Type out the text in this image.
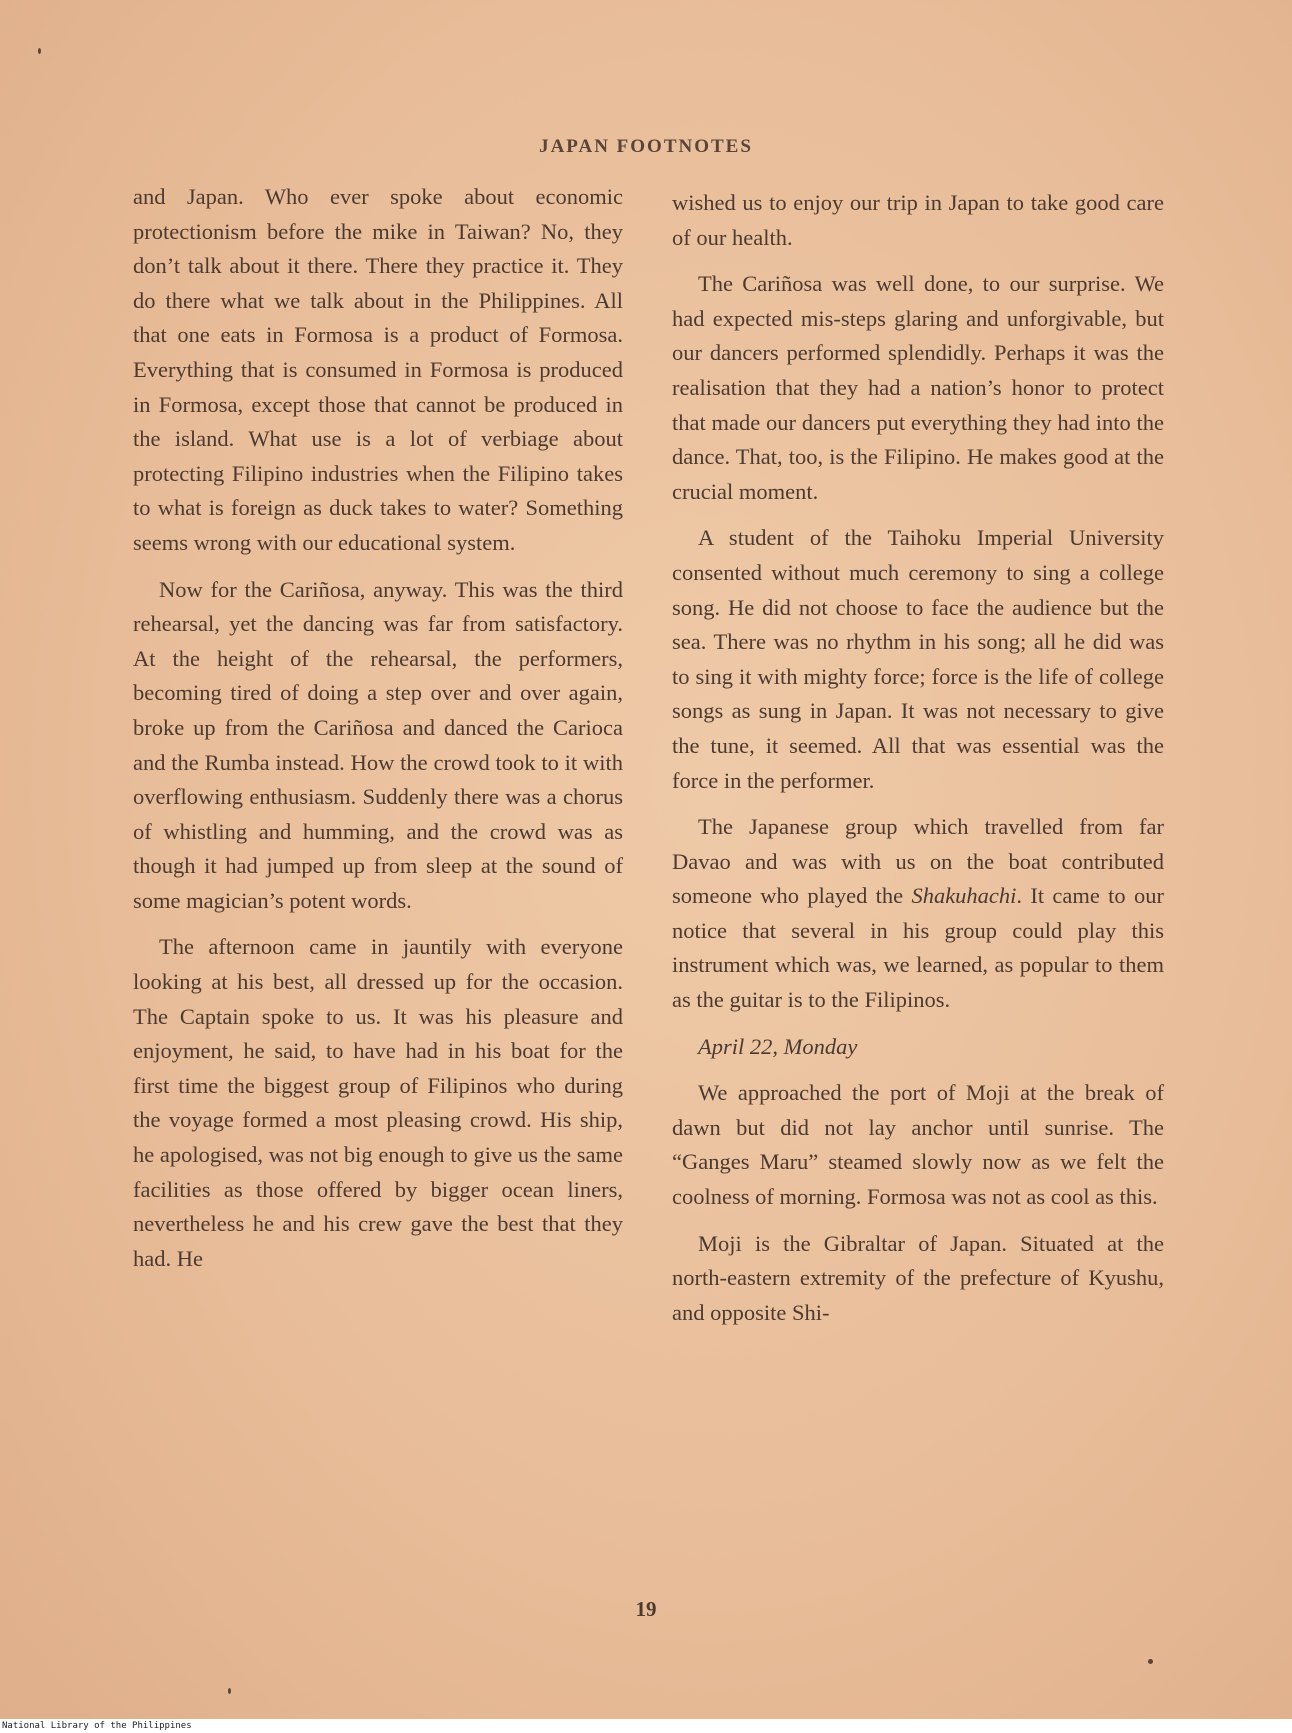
JAPAN FOOTNOTES

and Japan. Who ever spoke about economic protectionism before the mike in Taiwan? No, they don’t talk about it there. There they practice it. They do there what we talk about in the Philippines. All that one eats in Formosa is a product of Formosa. Everything that is consumed in Formosa is produced in Formosa, except those that cannot be produced in the island. What use is a lot of verbiage about protecting Filipino industries when the Filipino takes to what is foreign as duck takes to water? Something seems wrong with our educational system.

Now for the Cariñosa, anyway. This was the third rehearsal, yet the dancing was far from satisfactory. At the height of the rehearsal, the performers, becoming tired of doing a step over and over again, broke up from the Cariñosa and danced the Carioca and the Rumba instead. How the crowd took to it with overflowing enthusiasm. Suddenly there was a chorus of whistling and humming, and the crowd was as though it had jumped up from sleep at the sound of some magician’s potent words.

The afternoon came in jauntily with everyone looking at his best, all dressed up for the occasion. The Captain spoke to us. It was his pleasure and enjoyment, he said, to have had in his boat for the first time the biggest group of Filipinos who during the voyage formed a most pleasing crowd. His ship, he apologised, was not big enough to give us the same facilities as those offered by bigger ocean liners, nevertheless he and his crew gave the best that they had. He

wished us to enjoy our trip in Japan to take good care of our health.

The Cariñosa was well done, to our surprise. We had expected mis-steps glaring and unforgivable, but our dancers performed splendidly. Perhaps it was the realisation that they had a nation’s honor to protect that made our dancers put everything they had into the dance. That, too, is the Filipino. He makes good at the crucial moment.

A student of the Taihoku Imperial University consented without much ceremony to sing a college song. He did not choose to face the audience but the sea. There was no rhythm in his song; all he did was to sing it with mighty force; force is the life of college songs as sung in Japan. It was not necessary to give the tune, it seemed. All that was essential was the force in the performer.

The Japanese group which travelled from far Davao and was with us on the boat contributed someone who played the Shakuhachi. It came to our notice that several in his group could play this instrument which was, we learned, as popular to them as the guitar is to the Filipinos.

April 22, Monday

We approached the port of Moji at the break of dawn but did not lay anchor until sunrise. The “Ganges Maru” steamed slowly now as we felt the coolness of morning. Formosa was not as cool as this.

Moji is the Gibraltar of Japan. Situated at the north-eastern extremity of the prefecture of Kyushu, and opposite Shi-

19
National Library of the Philippines
